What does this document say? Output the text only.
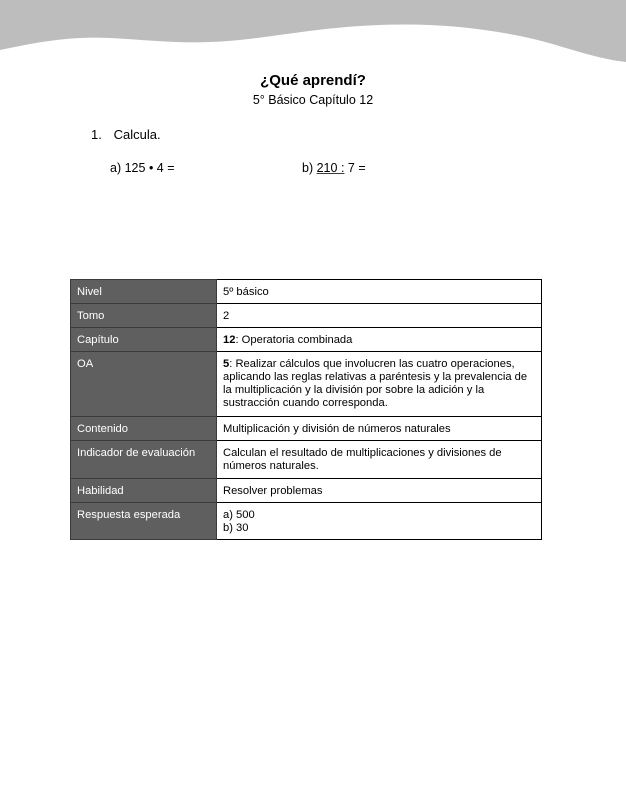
¿Qué aprendí?
5° Básico Capítulo 12
1. Calcula.
a) 125 • 4 =	b) 210 : 7 =
Nivel	5º básico
Tomo	2
Capítulo	12: Operatoria combinada
OA	5: Realizar cálculos que involucren las cuatro operaciones, aplicando las reglas relativas a paréntesis y la prevalencia de la multiplicación y la división por sobre la adición y la sustracción cuando corresponda.
Contenido	Multiplicación y división de números naturales
Indicador de evaluación	Calculan el resultado de multiplicaciones y divisiones de números naturales.
Habilidad	Resolver problemas
Respuesta esperada	a) 500
b) 30
